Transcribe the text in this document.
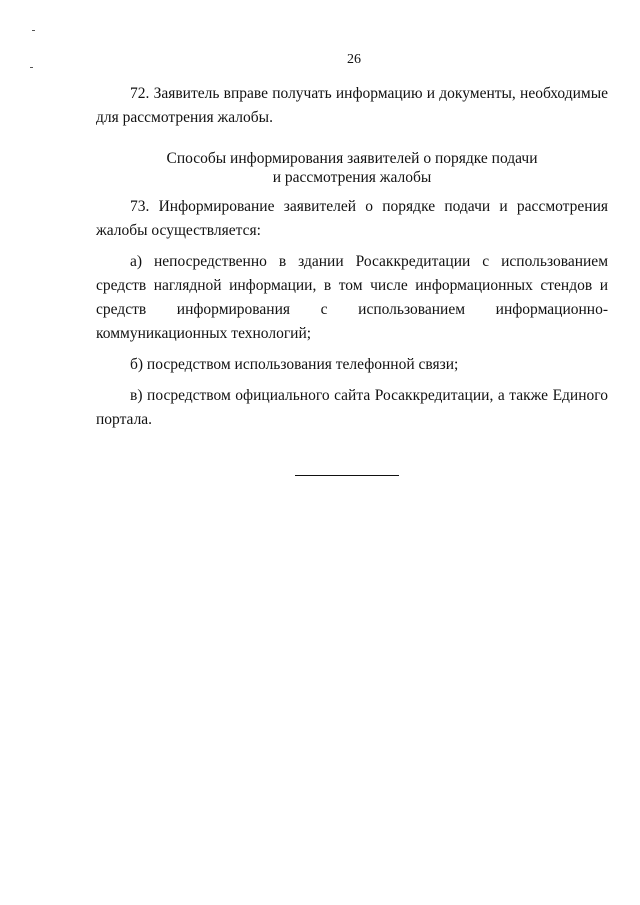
26

72. Заявитель вправе получать информацию и документы, необходимые для рассмотрения жалобы.

Способы информирования заявителей о порядке подачи
и рассмотрения жалобы

73. Информирование заявителей о порядке подачи и рассмотрения жалобы осуществляется:

а) непосредственно в здании Росаккредитации с использованием средств наглядной информации, в том числе информационных стендов и средств информирования с использованием информационно-коммуникационных технологий;

б) посредством использования телефонной связи;

в) посредством официального сайта Росаккредитации, а также Единого портала.
